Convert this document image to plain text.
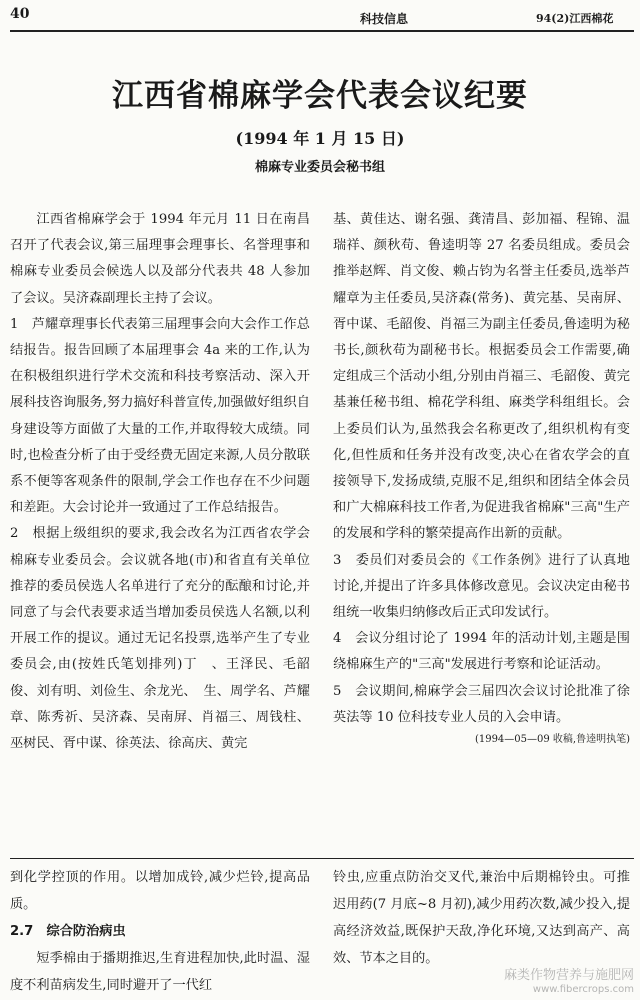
40	科技信息	94(2)江西棉花
江西省棉麻学会代表会议纪要
(1994 年 1 月 15 日)
棉麻专业委员会秘书组

江西省棉麻学会于 1994 年元月 11 日在南昌召开了代表会议,第三届理事会理事长、名誉理事和棉麻专业委员会候选人以及部分代表共 48 人参加了会议。吴济森副理长主持了会议。

1　芦耀章理事长代表第三届理事会向大会作工作总结报告。报告回顾了本届理事会 4a 来的工作,认为在积极组织进行学术交流和科技考察活动、深入开展科技咨询服务,努力搞好科普宣传,加强做好组织自身建设等方面做了大量的工作,并取得较大成绩。同时,也检查分析了由于受经费无固定来源,人员分散联系不便等客观条件的限制,学会工作也存在不少问题和差距。大会讨论并一致通过了工作总结报告。

2　根据上级组织的要求,我会改名为江西省农学会棉麻专业委员会。会议就各地(市)和省直有关单位推荐的委员侯选人名单进行了充分的酝酿和讨论,并同意了与会代表要求适当增加委员侯选人名额,以利开展工作的提议。通过无记名投票,选举产生了专业委员会,由(按姓氏笔划排列)丁　、王泽民、毛韶俊、刘有明、刘俭生、余龙光、　生、周学名、芦耀章、陈秀祈、吴济森、吴南屏、肖福三、周钱柱、巫树民、胥中谋、徐英法、徐高庆、黄完

基、黄佳达、谢名强、龚清昌、彭加福、程锦、温瑞祥、颜秋苟、鲁逵明等 27 名委员组成。委员会推举赵辉、肖文俊、赖占钧为名誉主任委员,选举芦耀章为主任委员,吴济森(常务)、黄完基、吴南屏、胥中谋、毛韶俊、肖福三为副主任委员,鲁逵明为秘书长,颜秋苟为副秘书长。根据委员会工作需要,确定组成三个活动小组,分别由肖福三、毛韶俊、黄完基兼任秘书组、棉花学科组、麻类学科组组长。会上委员们认为,虽然我会名称更改了,组织机构有变化,但性质和任务并没有改变,决心在省农学会的直接领导下,发扬成绩,克服不足,组织和团结全体会员和广大棉麻科技工作者,为促进我省棉麻"三高"生产的发展和学科的繁荣提高作出新的贡献。

3　委员们对委员会的《工作条例》进行了认真地讨论,并提出了许多具体修改意见。会议决定由秘书组统一收集归纳修改后正式印发试行。

4　会议分组讨论了 1994 年的活动计划,主题是围绕棉麻生产的"三高"发展进行考察和论证活动。

5　会议期间,棉麻学会三届四次会议讨论批准了徐英法等 10 位科技专业人员的入会申请。

(1994—05—09 收稿,鲁逵明执笔)

到化学控顶的作用。以增加成铃,减少烂铃,提高品质。

2.7　综合防治病虫

短季棉由于播期推迟,生育进程加快,此时温、湿度不利苗病发生,同时避开了一代红

铃虫,应重点防治交叉代,兼治中后期棉铃虫。可推迟用药(7 月底~8 月初),减少用药次数,减少投入,提高经济效益,既保护天敌,净化环境,又达到高产、高效、节本之目的。

麻类作物营养与施肥网
www.fibercrops.com
